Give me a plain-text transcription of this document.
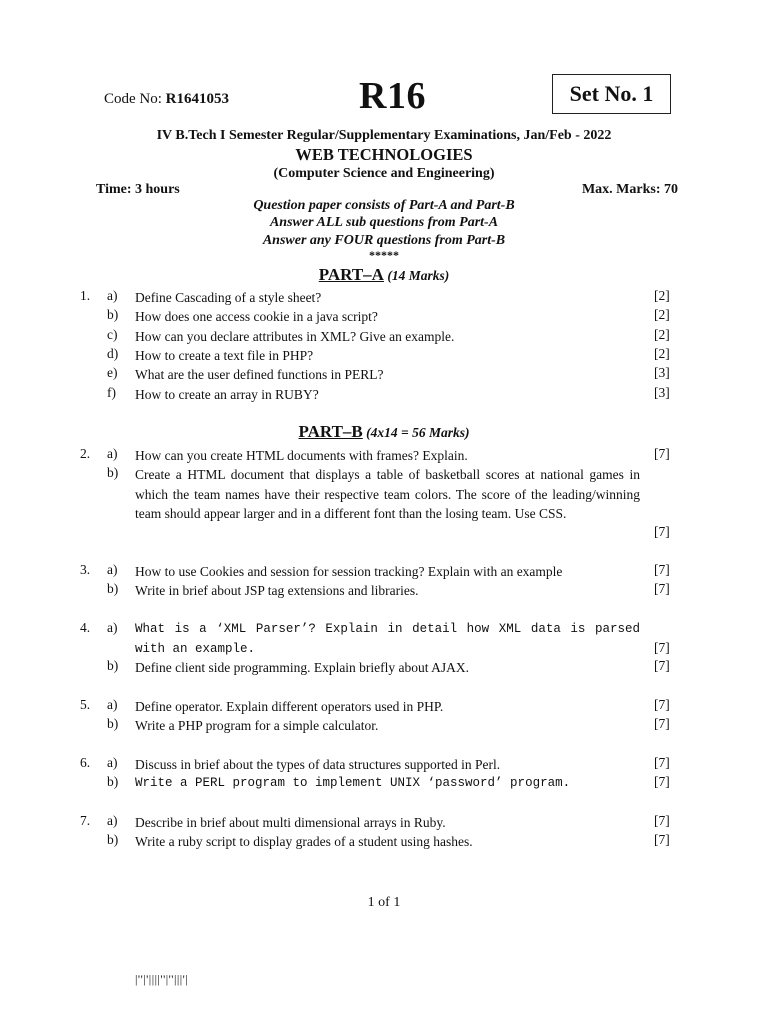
Code No: R1641053	R16	Set No. 1
IV B.Tech I Semester Regular/Supplementary Examinations, Jan/Feb - 2022
WEB TECHNOLOGIES
(Computer Science and Engineering)
Time: 3 hours	Max. Marks: 70
Question paper consists of Part-A and Part-B
Answer ALL sub questions from Part-A
Answer any FOUR questions from Part-B
*****
PART–A (14 Marks)
1. a) Define Cascading of a style sheet?	[2]
b) How does one access cookie in a java script?	[2]
c) How can you declare attributes in XML? Give an example.	[2]
d) How to create a text file in PHP?	[2]
e) What are the user defined functions in PERL?	[3]
f) How to create an array in RUBY?	[3]
PART–B (4x14 = 56 Marks)
2. a) How can you create HTML documents with frames? Explain.	[7]
b) Create a HTML document that displays a table of basketball scores at national games in which the team names have their respective team colors. The score of the leading/winning team should appear larger and in a different font than the losing team. Use CSS.
[7]
3. a) How to use Cookies and session for session tracking? Explain with an example	[7]
b) Write in brief about JSP tag extensions and libraries.	[7]
4. a) What is a ‘XML Parser’? Explain in detail how XML data is parsed with an example.	[7]
b) Define client side programming. Explain briefly about AJAX.	[7]
5. a) Define operator. Explain different operators used in PHP.	[7]
b) Write a PHP program for a simple calculator.	[7]
6. a) Discuss in brief about the types of data structures supported in Perl.	[7]
b) Write a PERL program to implement UNIX ‘password’ program.	[7]
7. a) Describe in brief about multi dimensional arrays in Ruby.	[7]
b) Write a ruby script to display grades of a student using hashes.	[7]
1 of 1
|''|'||||''|''|||'|
